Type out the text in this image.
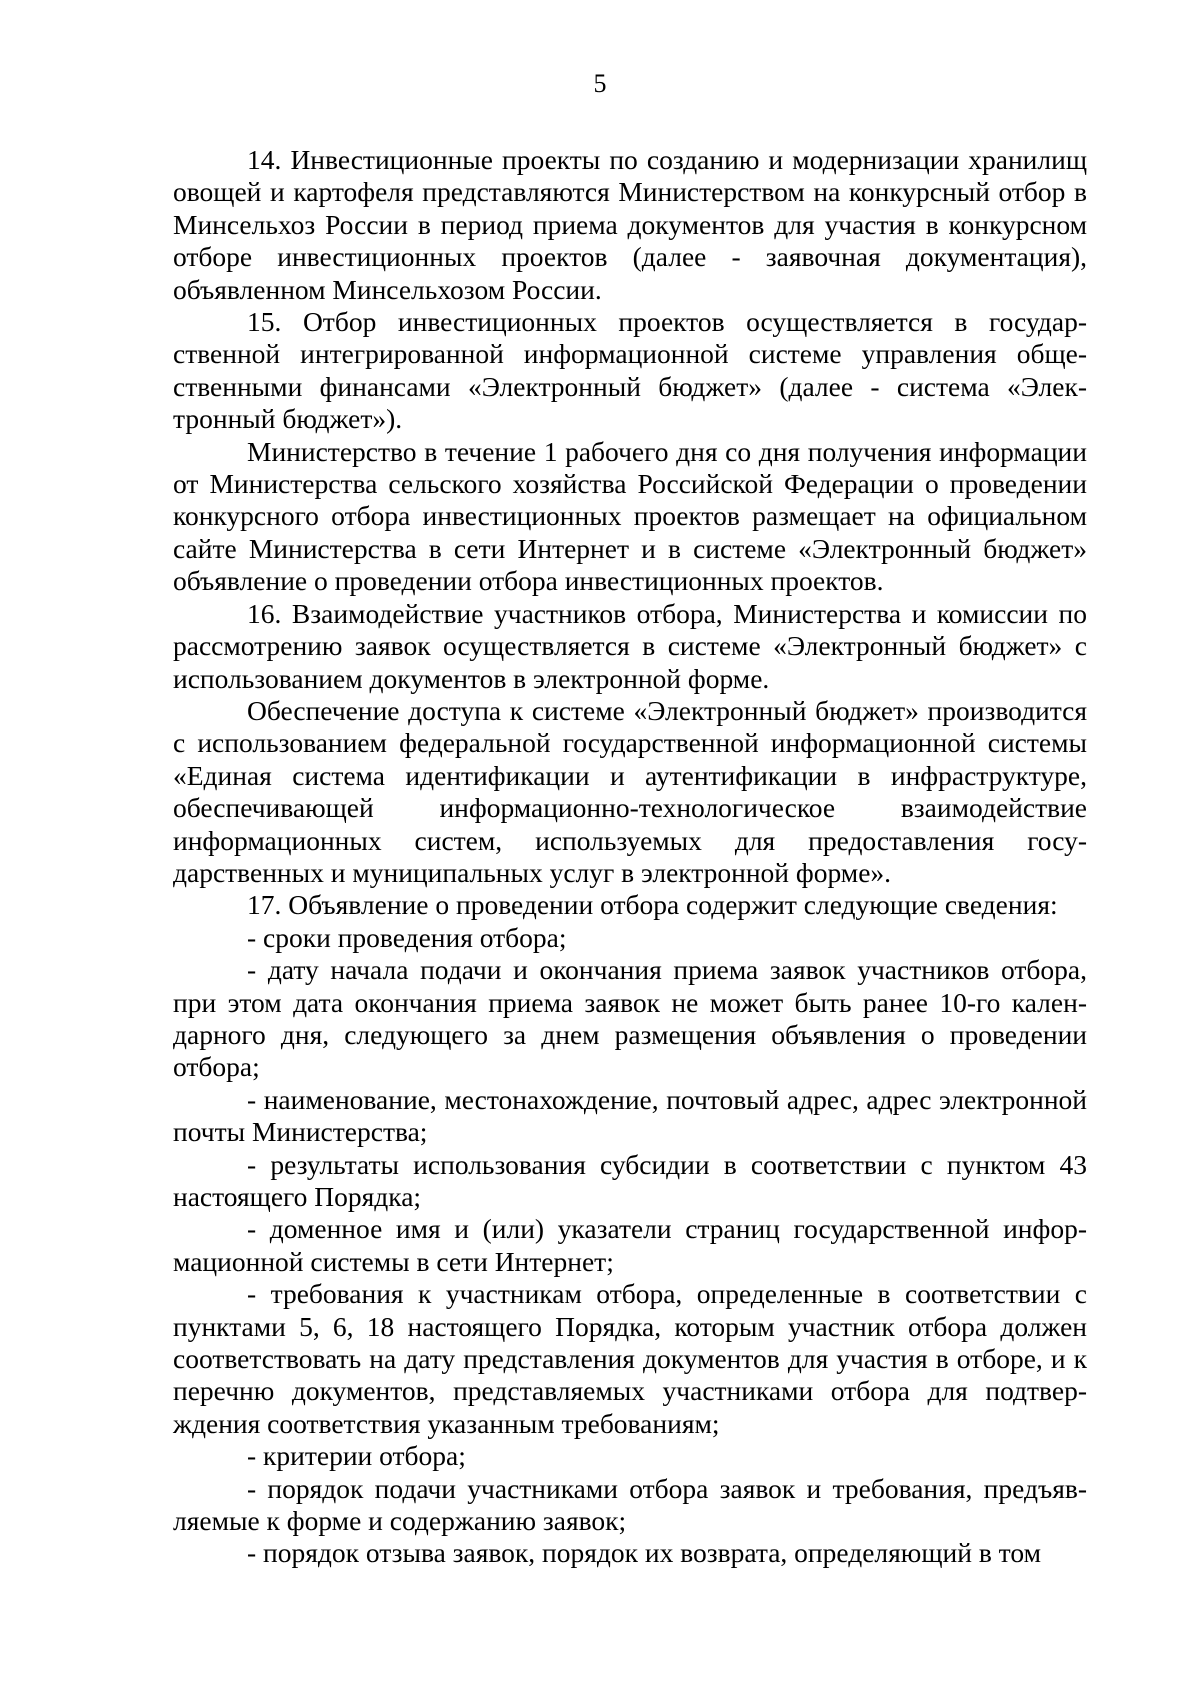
5

14. Инвестиционные проекты по созданию и модернизации хранилищ овощей и картофеля представляются Министерством на конкурсный отбор в Минсельхоз России в период приема документов для участия в конкурсном отборе инвестиционных проектов (далее - заявочная документация), объявленном Минсельхозом России.

15. Отбор инвестиционных проектов осуществляется в государственной интегрированной информационной системе управления общественными финансами «Электронный бюджет» (далее - система «Электронный бюджет»).

Министерство в течение 1 рабочего дня со дня получения информации от Министерства сельского хозяйства Российской Федерации о проведении конкурсного отбора инвестиционных проектов размещает на официальном сайте Министерства в сети Интернет и в системе «Электронный бюджет» объявление о проведении отбора инвестиционных проектов.

16. Взаимодействие участников отбора, Министерства и комиссии по рассмотрению заявок осуществляется в системе «Электронный бюджет» с использованием документов в электронной форме.

Обеспечение доступа к системе «Электронный бюджет» производится с использованием федеральной государственной информационной системы «Единая система идентификации и аутентификации в инфраструктуре, обеспечивающей информационно-технологическое взаимодействие информационных систем, используемых для предоставления государственных и муниципальных услуг в электронной форме».

17. Объявление о проведении отбора содержит следующие сведения:

- сроки проведения отбора;

- дату начала подачи и окончания приема заявок участников отбора, при этом дата окончания приема заявок не может быть ранее 10-го календарного дня, следующего за днем размещения объявления о проведении отбора;

- наименование, местонахождение, почтовый адрес, адрес электронной почты Министерства;

- результаты использования субсидии в соответствии с пунктом 43 настоящего Порядка;

- доменное имя и (или) указатели страниц государственной информационной системы в сети Интернет;

- требования к участникам отбора, определенные в соответствии с пунктами 5, 6, 18 настоящего Порядка, которым участник отбора должен соответствовать на дату представления документов для участия в отборе, и к перечню документов, представляемых участниками отбора для подтверждения соответствия указанным требованиям;

- критерии отбора;

- порядок подачи участниками отбора заявок и требования, предъявляемые к форме и содержанию заявок;

- порядок отзыва заявок, порядок их возврата, определяющий в том
